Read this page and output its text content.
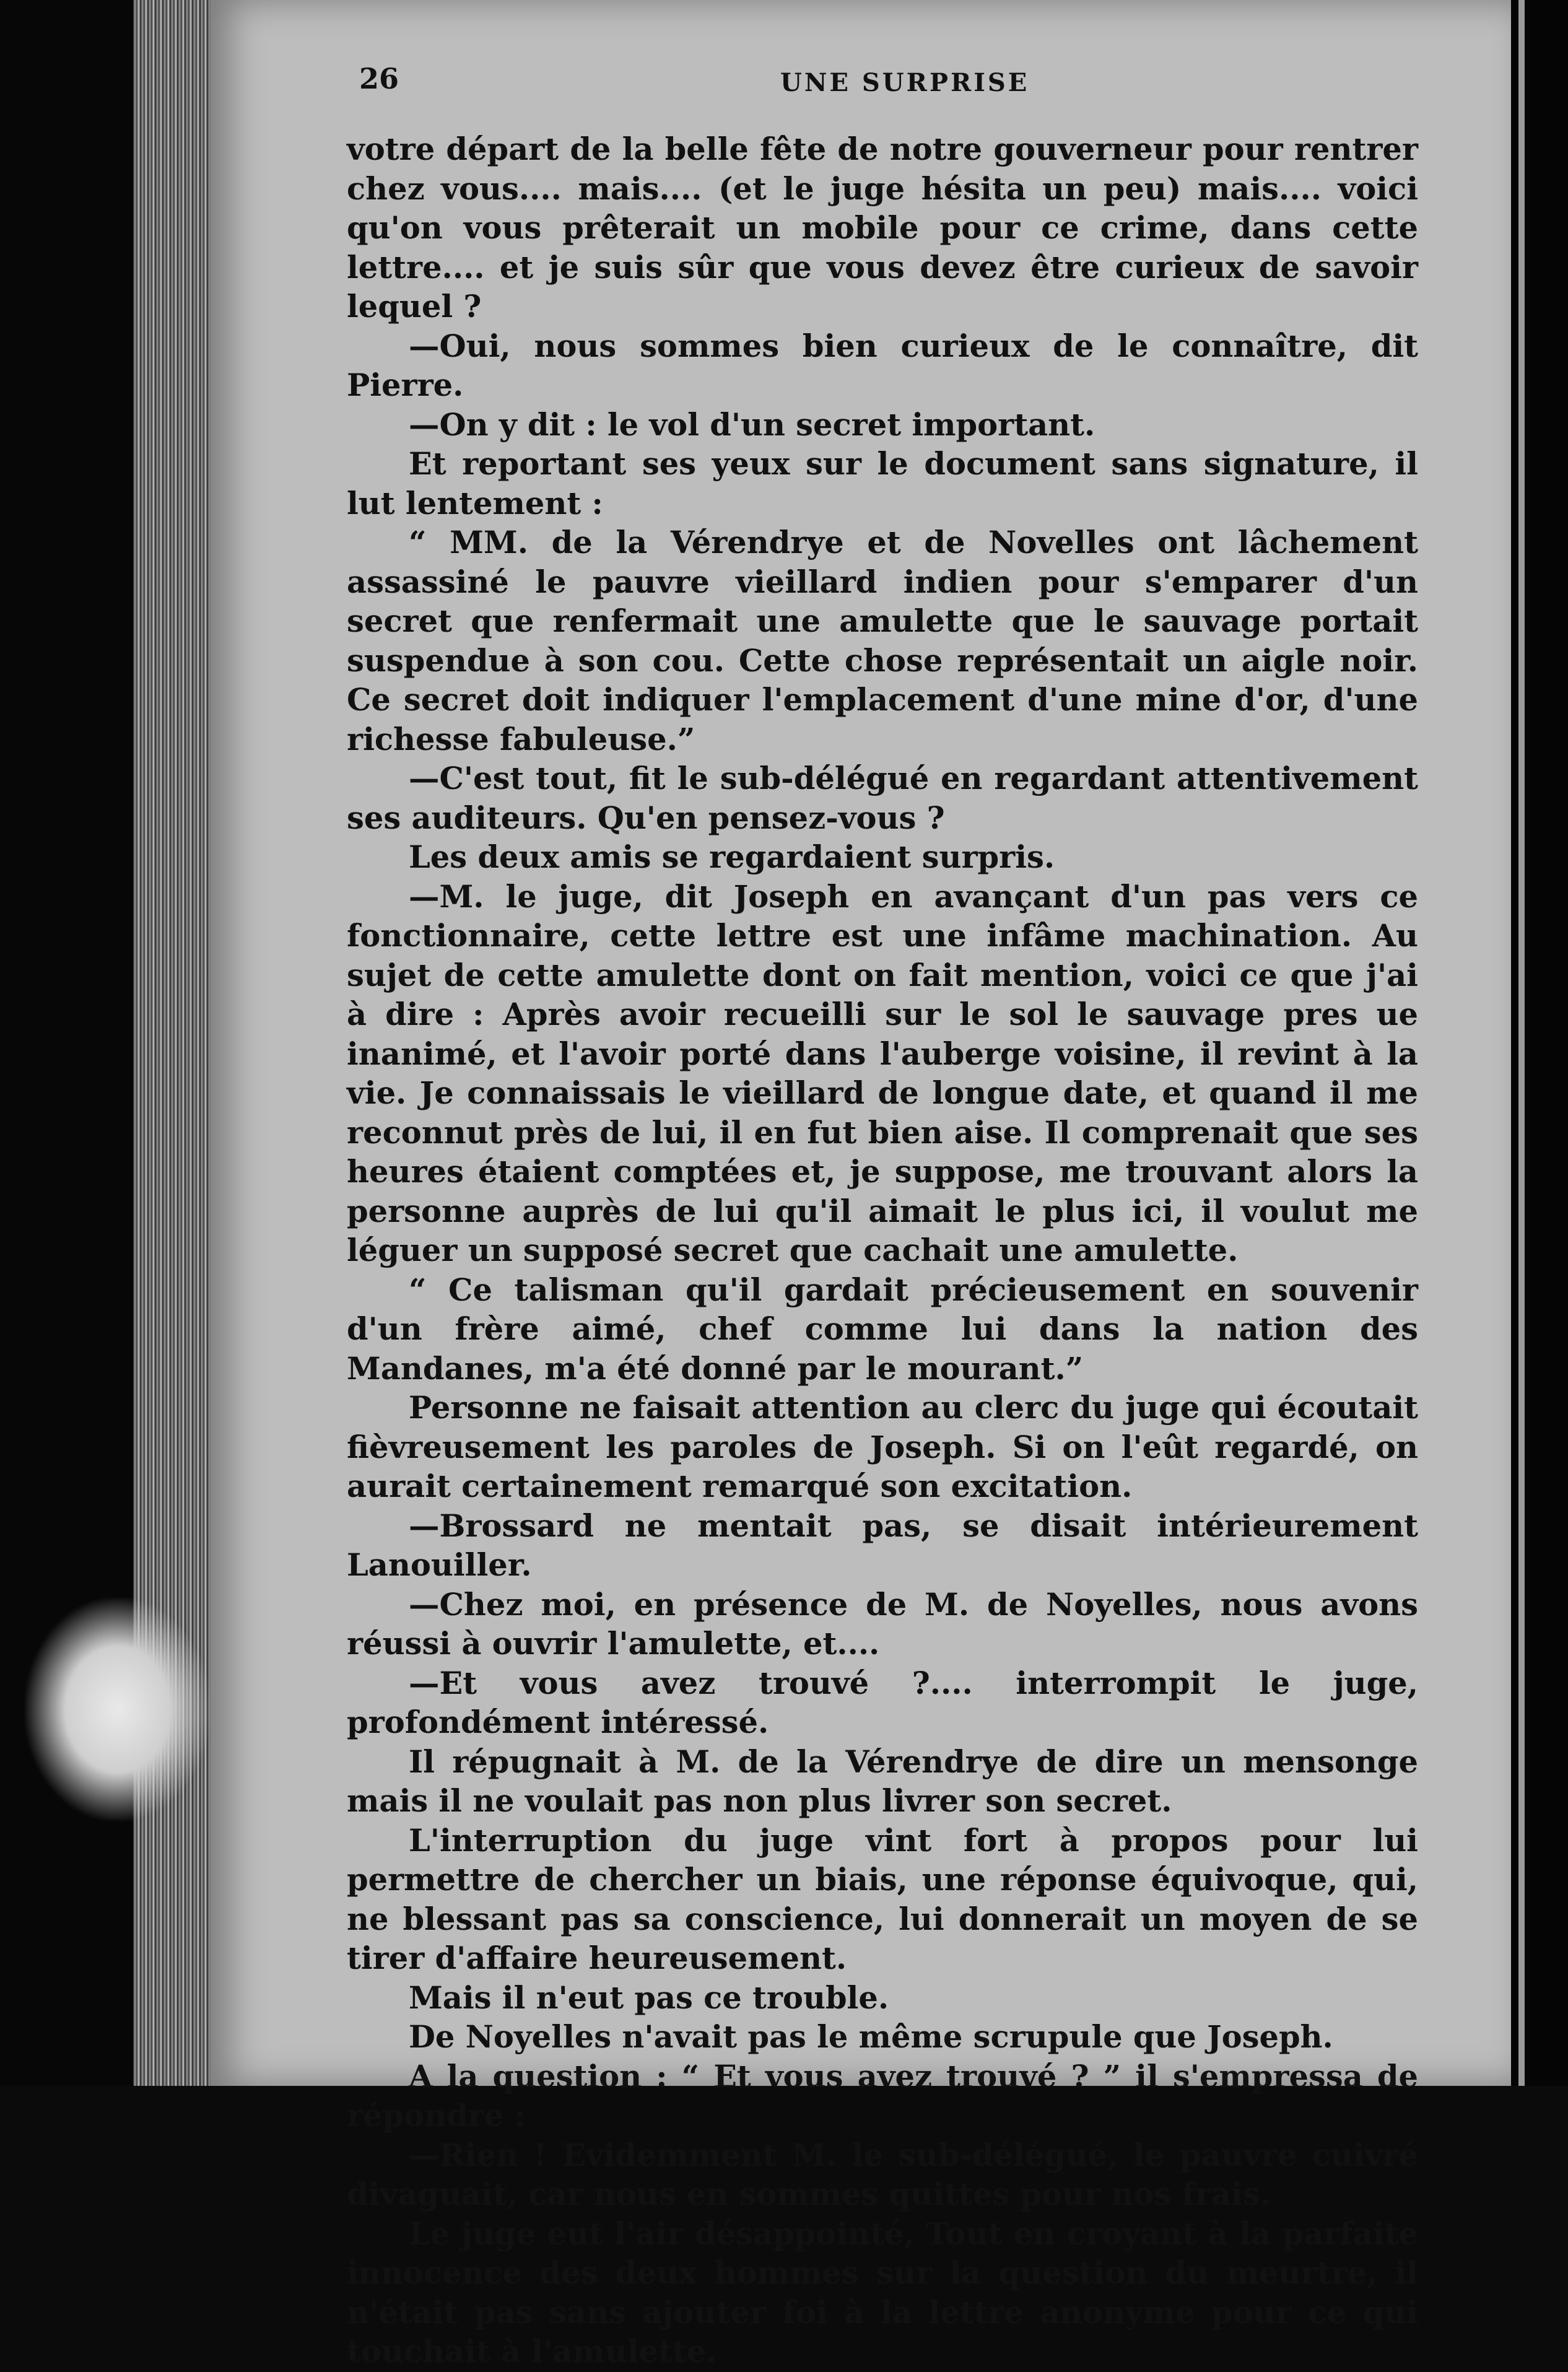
26	UNE SURPRISE

votre départ de la belle fête de notre gouverneur pour rentrer chez vous.... mais.... (et le juge hésita un peu) mais.... voici qu'on vous prêterait un mobile pour ce crime, dans cette lettre.... et je suis sûr que vous devez être curieux de savoir lequel ?

—Oui, nous sommes bien curieux de le connaître, dit Pierre.

—On y dit : le vol d'un secret important.

Et reportant ses yeux sur le document sans signature, il lut lentement :

“ MM. de la Vérendrye et de Novelles ont lâchement assassiné le pauvre vieillard indien pour s'emparer d'un secret que renfermait une amulette que le sauvage portait suspendue à son cou. Cette chose représentait un aigle noir. Ce secret doit indiquer l'emplacement d'une mine d'or, d'une richesse fabuleuse.”

—C'est tout, fit le sub-délégué en regardant attentivement ses auditeurs. Qu'en pensez-vous ?

Les deux amis se regardaient surpris.

—M. le juge, dit Joseph en avançant d'un pas vers ce fonctionnaire, cette lettre est une infâme machination. Au sujet de cette amulette dont on fait mention, voici ce que j'ai à dire : Après avoir recueilli sur le sol le sauvage pres ue inanimé, et l'avoir porté dans l'auberge voisine, il revint à la vie. Je connaissais le vieillard de longue date, et quand il me reconnut près de lui, il en fut bien aise. Il comprenait que ses heures étaient comptées et, je suppose, me trouvant alors la personne auprès de lui qu'il aimait le plus ici, il voulut me léguer un supposé secret que cachait une amulette.

“ Ce talisman qu'il gardait précieusement en souvenir d'un frère aimé, chef comme lui dans la nation des Mandanes, m'a été donné par le mourant.”

Personne ne faisait attention au clerc du juge qui écoutait fièvreusement les paroles de Joseph. Si on l'eût regardé, on aurait certainement remarqué son excitation.

—Brossard ne mentait pas, se disait intérieurement Lanouiller.

—Chez moi, en présence de M. de Noyelles, nous avons réussi à ouvrir l'amulette, et....

—Et vous avez trouvé ?.... interrompit le juge, profondément intéressé.

Il répugnait à M. de la Vérendrye de dire un mensonge mais il ne voulait pas non plus livrer son secret.

L'interruption du juge vint fort à propos pour lui permettre de chercher un biais, une réponse équivoque, qui, ne blessant pas sa conscience, lui donnerait un moyen de se tirer d'affaire heureusement.

Mais il n'eut pas ce trouble.

De Noyelles n'avait pas le même scrupule que Joseph.

A la question : “ Et vous avez trouvé ? ” il s'empressa de répondre :

—Rien ! Evidemment M. le sub-délégué, le pauvre cuivré divaguait, car nous en sommes quittes pour nos frais.

Le juge eut l'air désappointé, Tout en croyant à la parfaite innocence des deux hommes sur la question du meurtre, il n'était pas sans ajouter foi à la lettre anonyme pour ce qui touchait à l'amulette.
